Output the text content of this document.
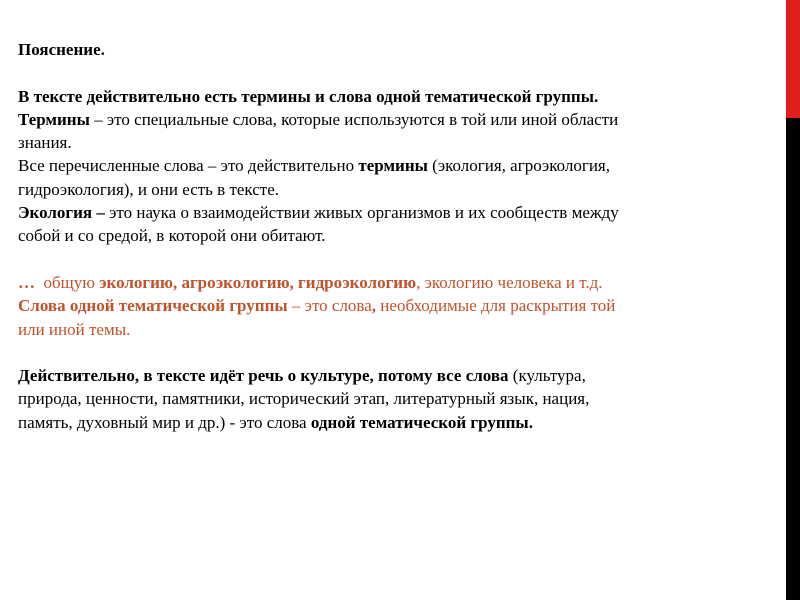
Пояснение.

В тексте действительно есть термины и слова одной тематической группы.

Термины – это специальные слова, которые используются в той или иной области
знания.

Все перечисленные слова – это действительно термины (экология, агроэкология,
гидроэкология), и они есть в тексте.

Экология – это наука о взаимодействии живых организмов и их сообществ между
собой и со средой, в которой они обитают.

…  общую экологию, агроэкологию, гидроэкологию, экологию человека и т.д.

Слова одной тематической группы – это слова, необходимые для раскрытия той
или иной темы.

Действительно, в тексте идёт речь о культуре, потому все слова (культура,
природа, ценности, памятники, исторический этап, литературный язык, нация,
память, духовный мир и др.) - это слова одной тематической группы.
